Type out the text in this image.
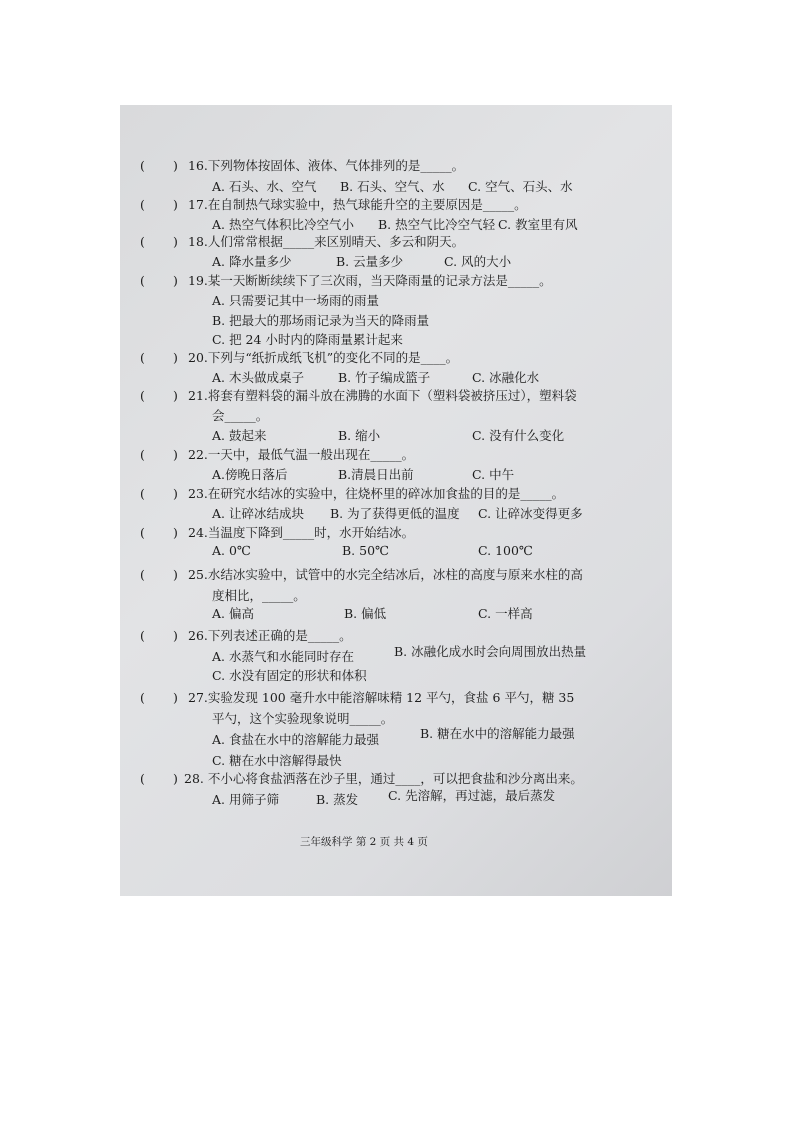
( ) 16.下列物体按固体、液体、气体排列的是_____。
A. 石头、水、空气 B. 石头、空气、水 C. 空气、石头、水
( ) 17.在自制热气球实验中，热气球能升空的主要原因是_____。
A. 热空气体积比冷空气小 B. 热空气比冷空气轻 C. 教室里有风
( ) 18.人们常常根据_____来区别晴天、多云和阴天。
A. 降水量多少	B. 云量多少	C. 风的大小
( ) 19.某一天断断续续下了三次雨，当天降雨量的记录方法是_____。
A. 只需要记其中一场雨的雨量
B. 把最大的那场雨记录为当天的降雨量
C. 把 24 小时内的降雨量累计起来
( ) 20.下列与“纸折成纸飞机”的变化不同的是____。
A. 木头做成桌子	B. 竹子编成篮子	C. 冰融化水
( ) 21.将套有塑料袋的漏斗放在沸腾的水面下（塑料袋被挤压过），塑料袋
会_____。
A. 鼓起来	B. 缩小	C. 没有什么变化
( ) 22.一天中，最低气温一般出现在_____。
A.傍晚日落后	B.清晨日出前	C. 中午
( ) 23.在研究水结冰的实验中，往烧杯里的碎冰加食盐的目的是_____。
A. 让碎冰结成块 B. 为了获得更低的温度 C. 让碎冰变得更多
( ) 24.当温度下降到_____时，水开始结冰。
A. 0℃	B. 50℃	C. 100℃
( ) 25.水结冰实验中，试管中的水完全结冰后，冰柱的高度与原来水柱的高
度相比，_____。
A. 偏高	B. 偏低	C. 一样高
( ) 26.下列表述正确的是_____。
A. 水蒸气和水能同时存在	B. 冰融化成水时会向周围放出热量
C. 水没有固定的形状和体积
( ) 27.实验发现 100 毫升水中能溶解味精 12 平勺，食盐 6 平勺，糖 35
平勺，这个实验现象说明_____。
A. 食盐在水中的溶解能力最强	B. 糖在水中的溶解能力最强
C. 糖在水中溶解得最快
( ) 28. 不小心将食盐洒落在沙子里，通过____，可以把食盐和沙分离出来。
A. 用筛子筛	B. 蒸发 C. 先溶解，再过滤，最后蒸发
三年级科学 第 2 页 共 4 页
